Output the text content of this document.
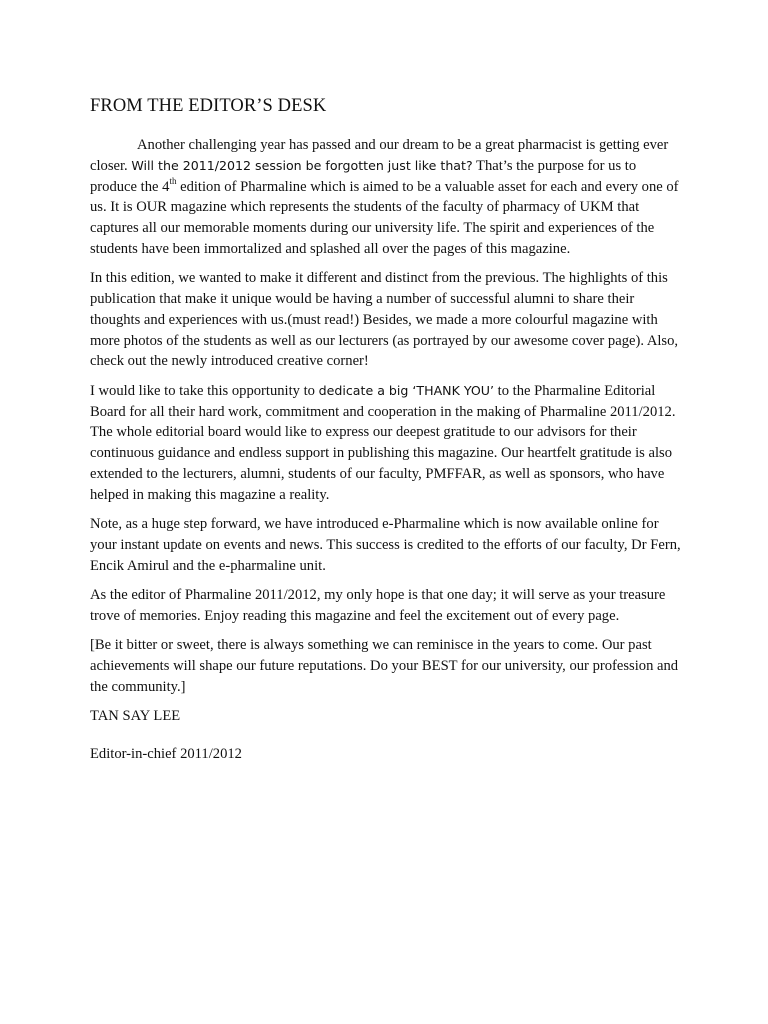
FROM THE EDITOR’S DESK

Another challenging year has passed and our dream to be a great pharmacist is getting ever closer. Will the 2011/2012 session be forgotten just like that? That’s the purpose for us to produce the 4th edition of Pharmaline which is aimed to be a valuable asset for each and every one of us. It is OUR magazine which represents the students of the faculty of pharmacy of UKM that captures all our memorable moments during our university life. The spirit and experiences of the students have been immortalized and splashed all over the pages of this magazine.

In this edition, we wanted to make it different and distinct from the previous. The highlights of this publication that make it unique would be having a number of successful alumni to share their thoughts and experiences with us.(must read!) Besides, we made a more colourful magazine with more photos of the students as well as our lecturers (as portrayed by our awesome cover page). Also, check out the newly introduced creative corner!

I would like to take this opportunity to dedicate a big ‘THANK YOU’ to the Pharmaline Editorial Board for all their hard work, commitment and cooperation in the making of Pharmaline 2011/2012. The whole editorial board would like to express our deepest gratitude to our advisors for their continuous guidance and endless support in publishing this magazine. Our heartfelt gratitude is also extended to the lecturers, alumni, students of our faculty, PMFFAR, as well as sponsors, who have helped in making this magazine a reality.

Note, as a huge step forward, we have introduced e-Pharmaline which is now available online for your instant update on events and news. This success is credited to the efforts of our faculty, Dr Fern, Encik Amirul and the e-pharmaline unit.

As the editor of Pharmaline 2011/2012, my only hope is that one day; it will serve as your treasure trove of memories. Enjoy reading this magazine and feel the excitement out of every page.

[Be it bitter or sweet, there is always something we can reminisce in the years to come. Our past achievements will shape our future reputations. Do your BEST for our university, our profession and the community.]

TAN SAY LEE

Editor-in-chief 2011/2012
